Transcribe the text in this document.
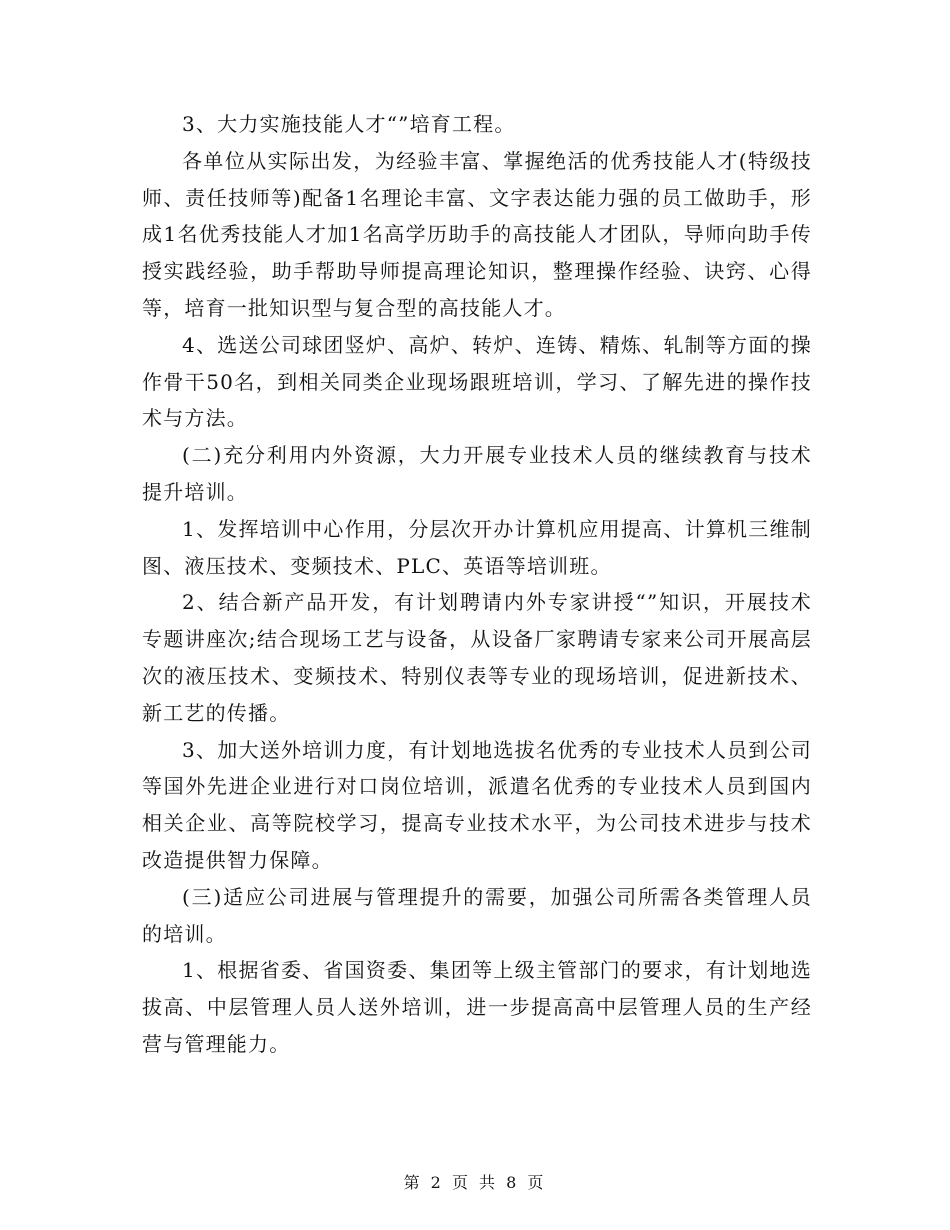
3、大力实施技能人才“”培育工程。

各单位从实际出发，为经验丰富、掌握绝活的优秀技能人才(特级技师、责任技师等)配备1名理论丰富、文字表达能力强的员工做助手，形成1名优秀技能人才加1名高学历助手的高技能人才团队，导师向助手传授实践经验，助手帮助导师提高理论知识，整理操作经验、诀窍、心得等，培育一批知识型与复合型的高技能人才。

4、选送公司球团竖炉、高炉、转炉、连铸、精炼、轧制等方面的操作骨干50名，到相关同类企业现场跟班培训，学习、了解先进的操作技术与方法。

(二)充分利用内外资源，大力开展专业技术人员的继续教育与技术提升培训。

1、发挥培训中心作用，分层次开办计算机应用提高、计算机三维制图、液压技术、变频技术、PLC、英语等培训班。

2、结合新产品开发，有计划聘请内外专家讲授“”知识，开展技术专题讲座次;结合现场工艺与设备，从设备厂家聘请专家来公司开展高层次的液压技术、变频技术、特别仪表等专业的现场培训，促进新技术、新工艺的传播。

3、加大送外培训力度，有计划地选拔名优秀的专业技术人员到公司等国外先进企业进行对口岗位培训，派遣名优秀的专业技术人员到国内相关企业、高等院校学习，提高专业技术水平，为公司技术进步与技术改造提供智力保障。

(三)适应公司进展与管理提升的需要，加强公司所需各类管理人员的培训。

1、根据省委、省国资委、集团等上级主管部门的要求，有计划地选拔高、中层管理人员人送外培训，进一步提高高中层管理人员的生产经营与管理能力。

第 2 页 共 8 页
